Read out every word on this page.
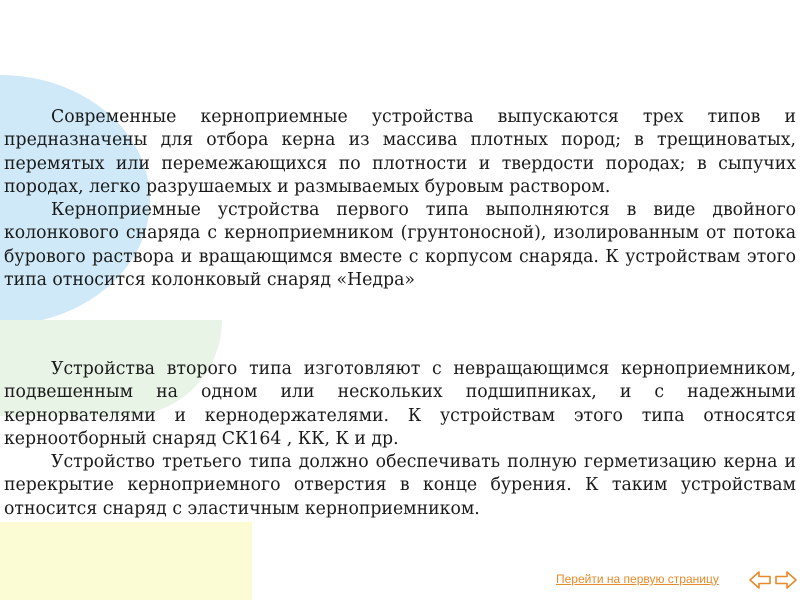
Современные кернoприемные устройства выпускаются трех типов и предназначены для отбора керна из массива плотных пород; в трещиноватых, перемятых или перемежающихся по плотности и твердости породах; в сыпучих породах, легко разрушаемых и размываемых буровым раствором.

Кернoприемные устройства первого типа выполняются в виде двойного колонкового снаряда с кернoприемником (грунтоносной), изолированным от потока бурового раствора и вращающимся вместе с корпусом снаряда. К устройствам этого типа относится колонковый снаряд «Недра»

Устройства второго типа изготовляют с невращающимся кернoприемником, подвешенным на одном или нескольких подшипниках, и с надежными кернорвателями и кернодержателями. К устройствам этого типа относятся кернoотборный снаряд СК164 , КК, К и др.

Устройство третьего типа должно обеспечивать полную герметизацию керна и перекрытие кернoприемного отверстия в конце бурения. К таким устройствам относится снаряд с эластичным кернoприемником.

Перейти на первую страницу
